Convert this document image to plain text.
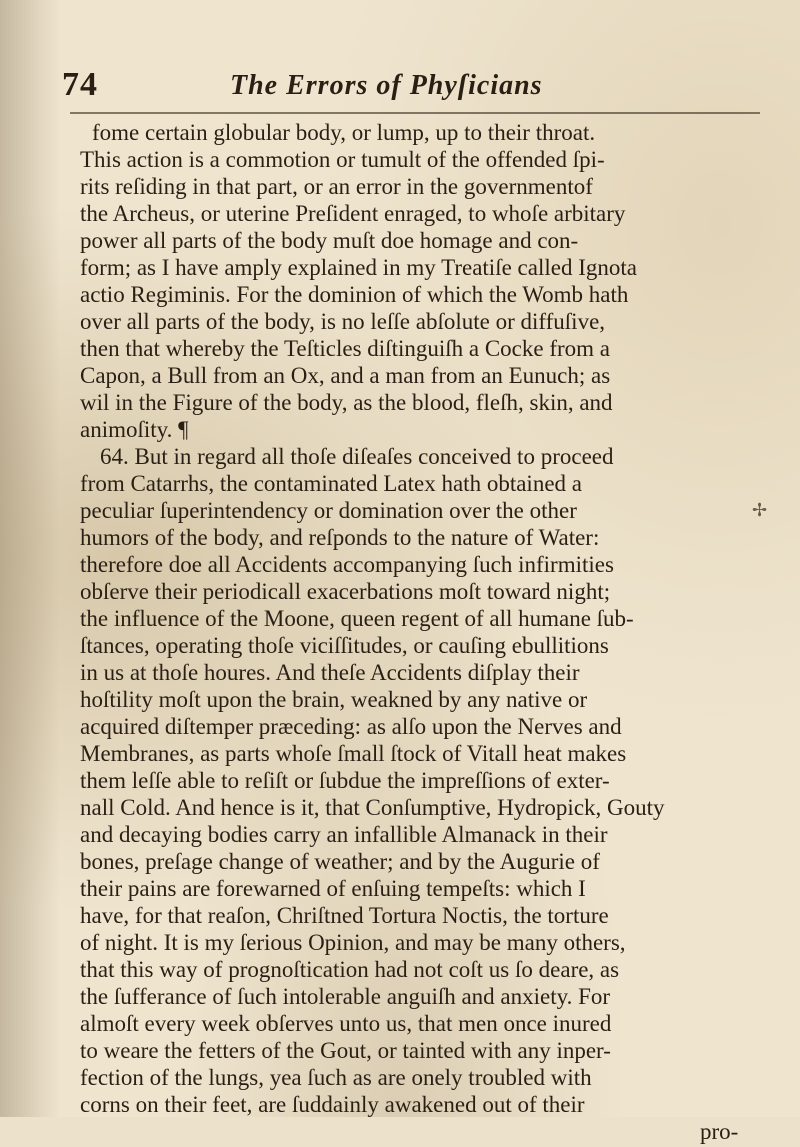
74	The Errors of Phyſicians
fome certain globular body, or lump, up to their throat.
This action is a commotion or tumult of the offended ſpi-
rits reſiding in that part, or an error in the governmentof
the Archeus, or uterine Preſident enraged, to whoſe arbitary
power all parts of the body muſt doe homage and con-
form; as I have amply explained in my Treatiſe called Ignota
actio Regiminis. For the dominion of which the Womb hath
over all parts of the body, is no leſſe abſolute or diffuſive,
then that whereby the Teſticles diſtinguiſh a Cocke from a
Capon, a Bull from an Ox, and a man from an Eunuch; as
wil in the Figure of the body, as the blood, fleſh, skin, and
animoſity. ¶
64. But in regard all thoſe diſeaſes conceived to proceed
from Catarrhs, the contaminated Latex hath obtained a
peculiar ſuperintendency or domination over the other
humors of the body, and reſponds to the nature of Water:
therefore doe all Accidents accompanying ſuch infirmities
obſerve their periodicall exacerbations moſt toward night;
the influence of the Moone, queen regent of all humane ſub-
ſtances, operating thoſe viciſſitudes, or cauſing ebullitions
in us at thoſe houres. And theſe Accidents diſplay their
hoſtility moſt upon the brain, weakned by any native or
acquired diſtemper præceding: as alſo upon the Nerves and
Membranes, as parts whoſe ſmall ſtock of Vitall heat makes
them leſſe able to reſiſt or ſubdue the impreſſions of exter-
nall Cold. And hence is it, that Conſumptive, Hydropick, Gouty
and decaying bodies carry an infallible Almanack in their
bones, preſage change of weather; and by the Augurie of
their pains are forewarned of enſuing tempeſts: which I
have, for that reaſon, Chriſtned Tortura Noctis, the torture
of night. It is my ſerious Opinion, and may be many others,
that this way of prognoſtication had not coſt us ſo deare, as
the ſufferance of ſuch intolerable anguiſh and anxiety. For
almoſt every week obſerves unto us, that men once inured
to weare the fetters of the Gout, or tainted with any inper-
fection of the lungs, yea ſuch as are onely troubled with
corns on their feet, are ſuddainly awakened out of their
pro-
✢
